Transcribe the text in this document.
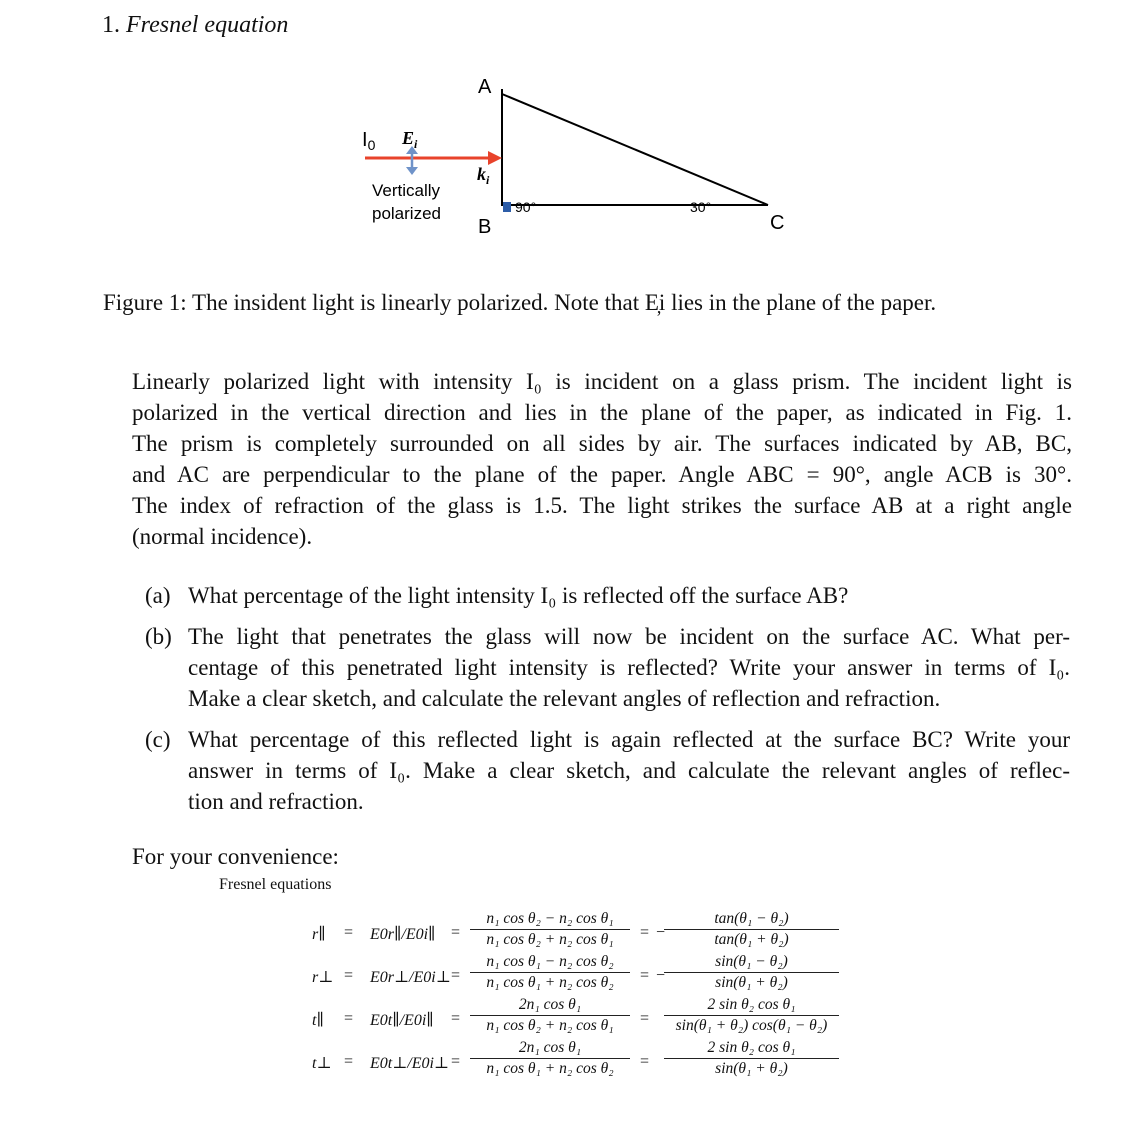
1. Fresnel equation
$I_0$ $E_i$
$k_i$
Vertically
polarized
A
B	C
90°	30°
Figure 1: The insident light is linearly polarized. Note that E̦i lies in the plane of the paper.
Linearly polarized light with intensity I₀ is incident on a glass prism. The incident light is
polarized in the vertical direction and lies in the plane of the paper, as indicated in Fig. 1.
The prism is completely surrounded on all sides by air. The surfaces indicated by AB, BC,
and AC are perpendicular to the plane of the paper. Angle ABC = 90°, angle ACB is 30°.
The index of refraction of the glass is 1.5. The light strikes the surface AB at a right angle
(normal incidence).
(a) What percentage of the light intensity I₀ is reflected off the surface AB?
(b) The light that penetrates the glass will now be incident on the surface AC. What per-
centage of this penetrated light intensity is reflected? Write your answer in terms of I₀.
Make a clear sketch, and calculate the relevant angles of reflection and refraction.
(c) What percentage of this reflected light is again reflected at the surface BC? Write your
answer in terms of I₀. Make a clear sketch, and calculate the relevant angles of reflec-
tion and refraction.
For your convenience:
Fresnel equations
r∥ = E0r∥/E0i∥ = $\frac{\text{n₁ cos θ₂ − n₂ cos θ₁}}{\text{n₁ cos θ₂ + n₂ cos θ₁}}$ = −
$\frac{\text{tan(θ₁ − θ₂)}}{\text{tan(θ₁ + θ₂)}}$
r⊥ = E0r⊥/E0i⊥ = $\frac{\text{n₁ cos θ₁ − n₂ cos θ₂}}{\text{n₁ cos θ₁ + n₂ cos θ₂}}$ = −
$\frac{\text{sin(θ₁ − θ₂)}}{\text{sin(θ₁ + θ₂)}}$
t∥ = E0t∥/E0i∥ = $\frac{\text{2n₁ cos θ₁}}{\text{n₁ cos θ₂ + n₂ cos θ₁}} = \frac{\text{2 sin θ₂ cos θ₁}}{\text{sin(θ₁ + θ₂) cos(θ₁ − θ₂)}}$
t⊥ = E0t⊥/E0i⊥ = $\frac{\text{2n₁ cos θ₁}}{\text{n₁ cos θ₁ + n₂ cos θ₂}} = \frac{\text{2 sin θ₂ cos θ₁}}{\text{sin(θ₁ + θ₂)}}$
